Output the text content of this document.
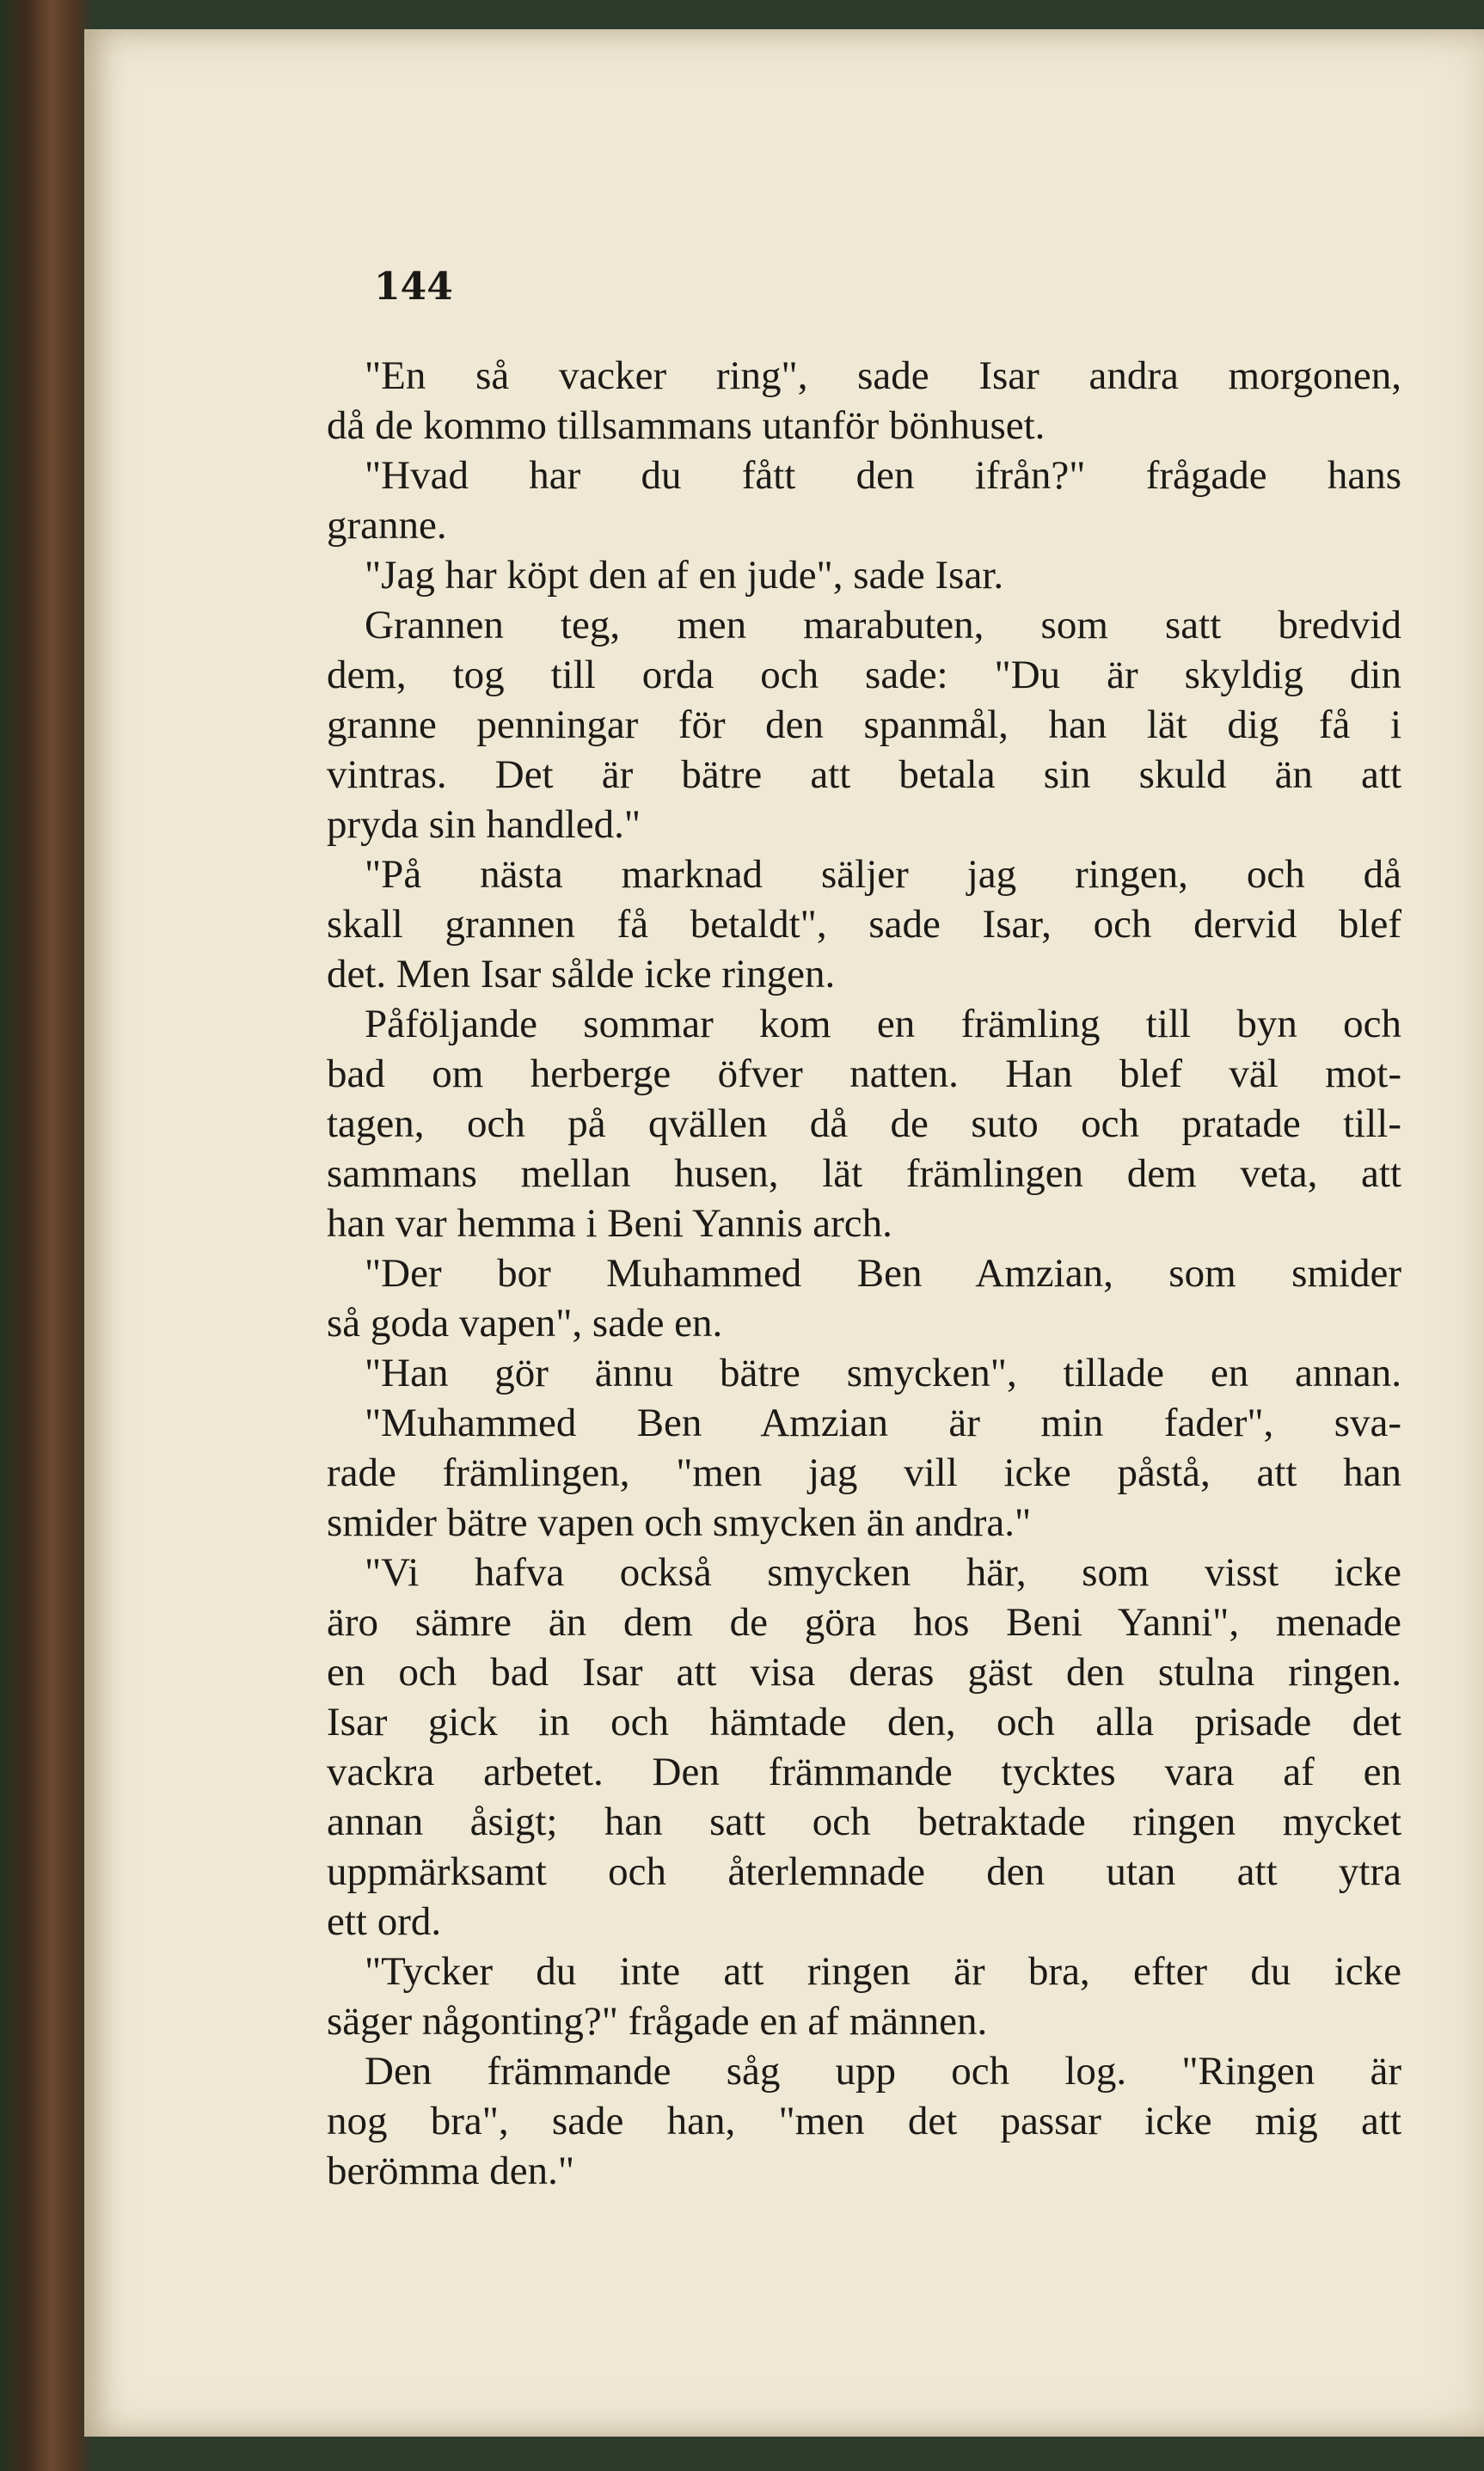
144
"En så vacker ring", sade Isar andra morgonen,
då de kommo tillsammans utanför bönhuset.
"Hvad har du fått den ifrån?" frågade hans
granne.
"Jag har köpt den af en jude", sade Isar.
Grannen teg, men marabuten, som satt bredvid
dem, tog till orda och sade: "Du är skyldig din
granne penningar för den spanmål, han lät dig få i
vintras. Det är bätre att betala sin skuld än att
pryda sin handled."
"På nästa marknad säljer jag ringen, och då
skall grannen få betaldt", sade Isar, och dervid blef
det. Men Isar sålde icke ringen.
Påföljande sommar kom en främling till byn och
bad om herberge öfver natten. Han blef väl mot-
tagen, och på qvällen då de suto och pratade till-
sammans mellan husen, lät främlingen dem veta, att
han var hemma i Beni Yannis arch.
"Der bor Muhammed Ben Amzian, som smider
så goda vapen", sade en.
"Han gör ännu bätre smycken", tillade en annan.
"Muhammed Ben Amzian är min fader", sva-
rade främlingen, "men jag vill icke påstå, att han
smider bätre vapen och smycken än andra."
"Vi hafva också smycken här, som visst icke
äro sämre än dem de göra hos Beni Yanni", menade
en och bad Isar att visa deras gäst den stulna ringen.
Isar gick in och hämtade den, och alla prisade det
vackra arbetet. Den främmande tycktes vara af en
annan åsigt; han satt och betraktade ringen mycket
uppmärksamt och återlemnade den utan att ytra
ett ord.
"Tycker du inte att ringen är bra, efter du icke
säger någonting?" frågade en af männen.
Den främmande såg upp och log. "Ringen är
nog bra", sade han, "men det passar icke mig att
berömma den."
